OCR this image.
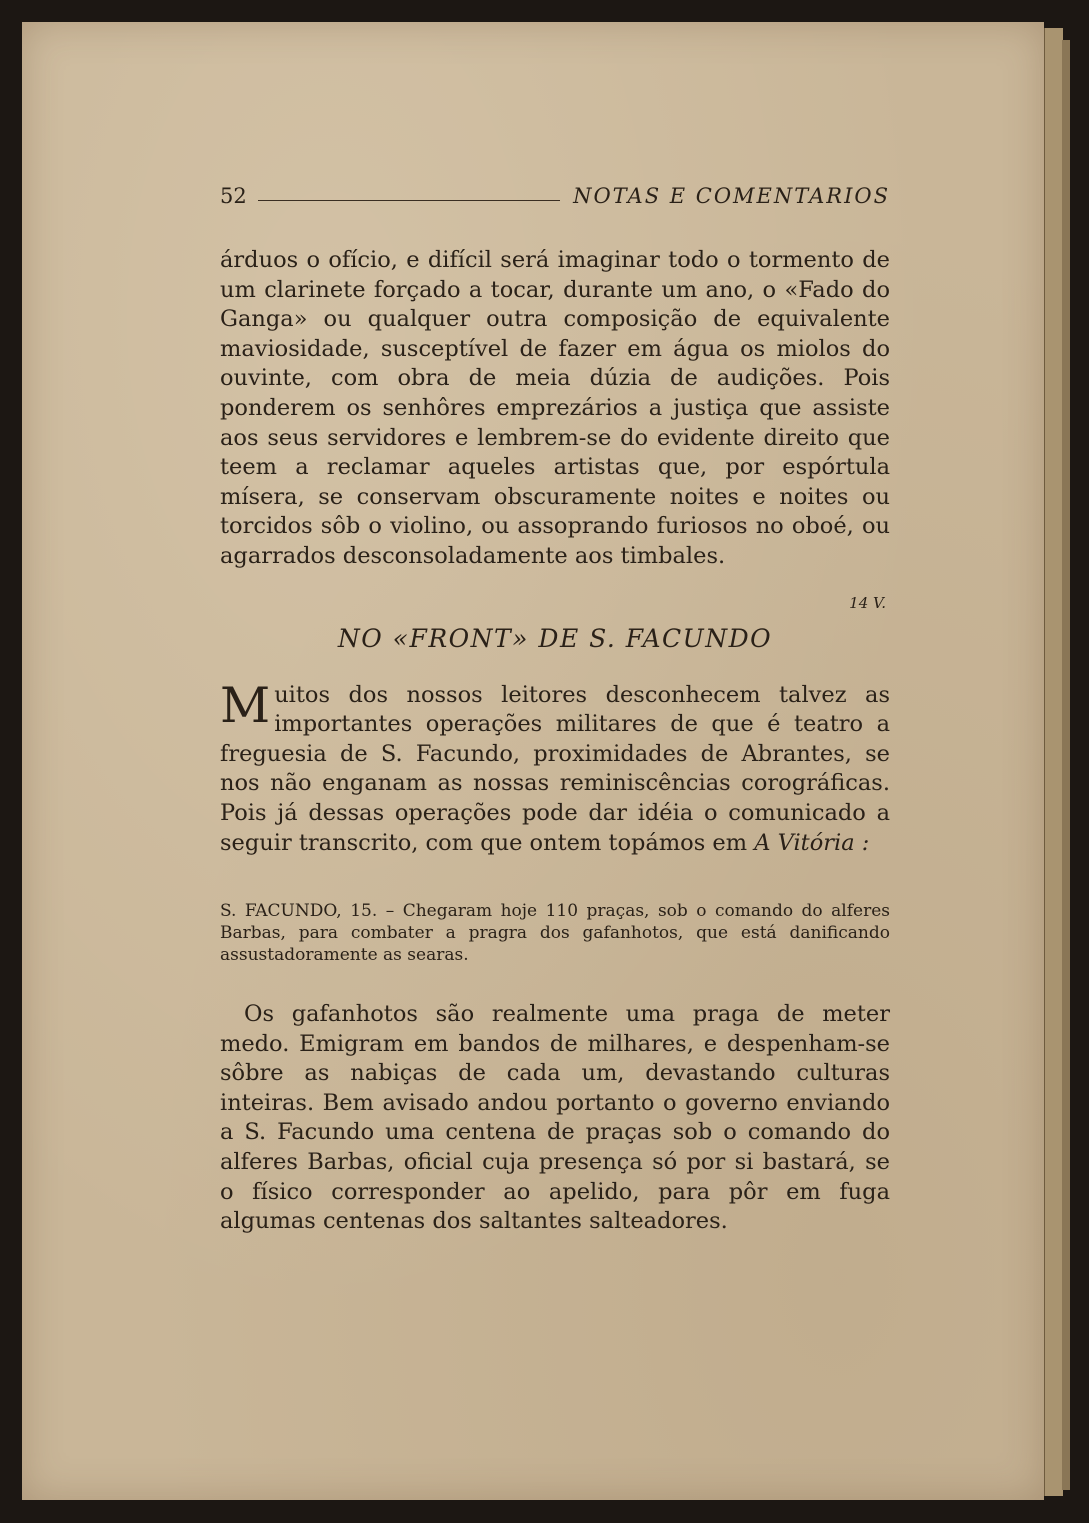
52	NOTAS E COMENTARIOS

árduos o ofício, e difícil será imaginar todo o tormento de um clarinete forçado a tocar, durante um ano, o «Fado do Ganga» ou qualquer outra composição de equivalente maviosidade, susceptível de fazer em água os miolos do ouvinte, com obra de meia dúzia de audições. Pois ponderem os senhôres emprezários a justiça que assiste aos seus servidores e lembrem-se do evidente direito que teem a reclamar aqueles artistas que, por espórtula mísera, se conservam obscuramente noites e noites ou torcidos sôb o violino, ou assoprando furiosos no oboé, ou agarrados desconsoladamente aos timbales.

14 V.
NO «FRONT» DE S. FACUNDO

Muitos dos nossos leitores desconhecem talvez as importantes operações militares de que é teatro a freguesia de S. Facundo, proximidades de Abrantes, se nos não enganam as nossas reminiscências corográficas. Pois já dessas operações pode dar idéia o comunicado a seguir transcrito, com que ontem topámos em A Vitória :

S. FACUNDO, 15. – Chegaram hoje 110 praças, sob o comando do alferes Barbas, para combater a pragra dos gafanhotos, que está danificando assustadoramente as searas.

Os gafanhotos são realmente uma praga de meter medo. Emigram em bandos de milhares, e despenham-se sôbre as nabiças de cada um, devastando culturas inteiras. Bem avisado andou portanto o governo enviando a S. Facundo uma centena de praças sob o comando do alferes Barbas, oficial cuja presença só por si bastará, se o físico corresponder ao apelido, para pôr em fuga algumas centenas dos saltantes salteadores.
